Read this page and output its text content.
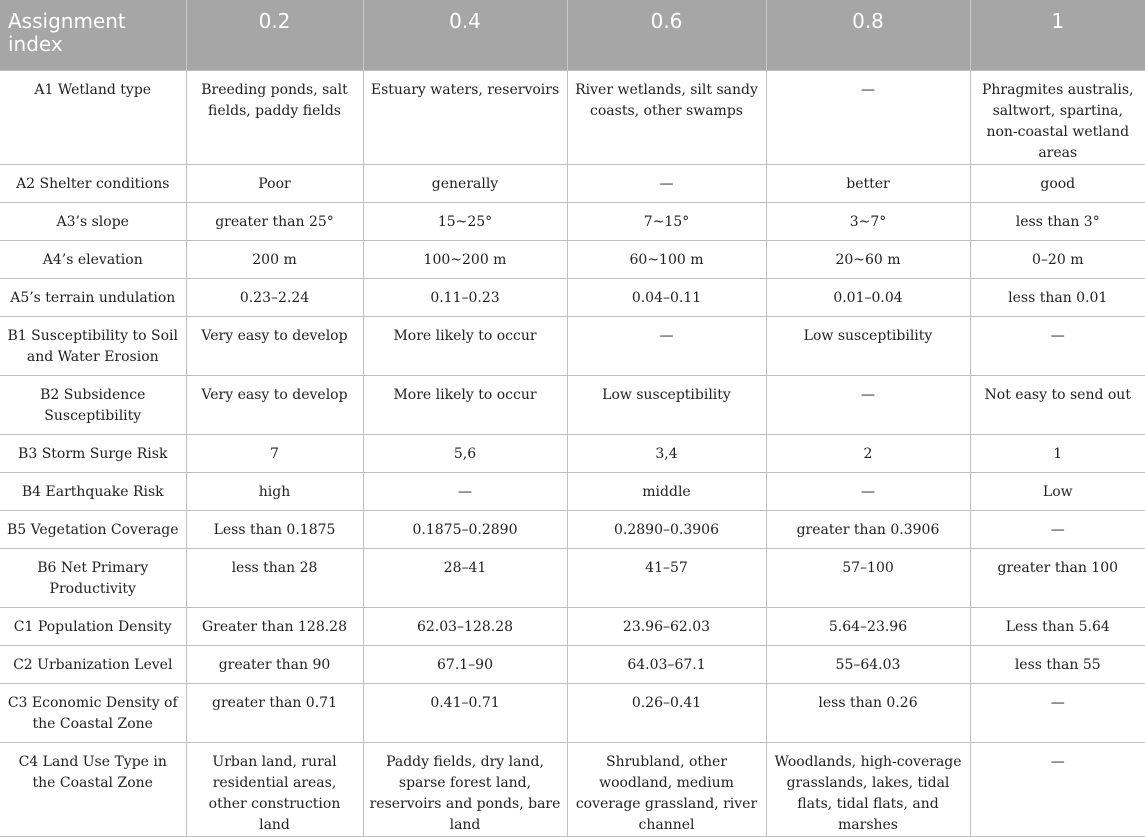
Assignment index	0.2	0.4	0.6	0.8	1
A1 Wetland type	Breeding ponds, salt fields, paddy fields	Estuary waters, reservoirs	River wetlands, silt sandy coasts, other swamps	—	Phragmites australis, saltwort, spartina, non-coastal wetland areas
A2 Shelter conditions	Poor	generally	—	better	good
A3’s slope	greater than 25°	15~25°	7~15°	3~7°	less than 3°
A4’s elevation	200 m	100~200 m	60~100 m	20~60 m	0–20 m
A5’s terrain undulation	0.23–2.24	0.11–0.23	0.04–0.11	0.01–0.04	less than 0.01
B1 Susceptibility to Soil and Water Erosion	Very easy to develop	More likely to occur	—	Low susceptibility	—
B2 Subsidence Susceptibility	Very easy to develop	More likely to occur	Low susceptibility	—	Not easy to send out
B3 Storm Surge Risk	7	5,6	3,4	2	1
B4 Earthquake Risk	high	—	middle	—	Low
B5 Vegetation Coverage	Less than 0.1875	0.1875–0.2890	0.2890–0.3906	greater than 0.3906	—
B6 Net Primary Productivity	less than 28	28–41	41–57	57–100	greater than 100
C1 Population Density	Greater than 128.28	62.03–128.28	23.96–62.03	5.64–23.96	Less than 5.64
C2 Urbanization Level	greater than 90	67.1–90	64.03–67.1	55–64.03	less than 55
C3 Economic Density of the Coastal Zone	greater than 0.71	0.41–0.71	0.26–0.41	less than 0.26	—
C4 Land Use Type in the Coastal Zone	Urban land, rural residential areas, other construction land	Paddy fields, dry land, sparse forest land, reservoirs and ponds, bare land	Shrubland, other woodland, medium coverage grassland, river channel	Woodlands, high-coverage grasslands, lakes, tidal flats, tidal flats, and marshes	—
